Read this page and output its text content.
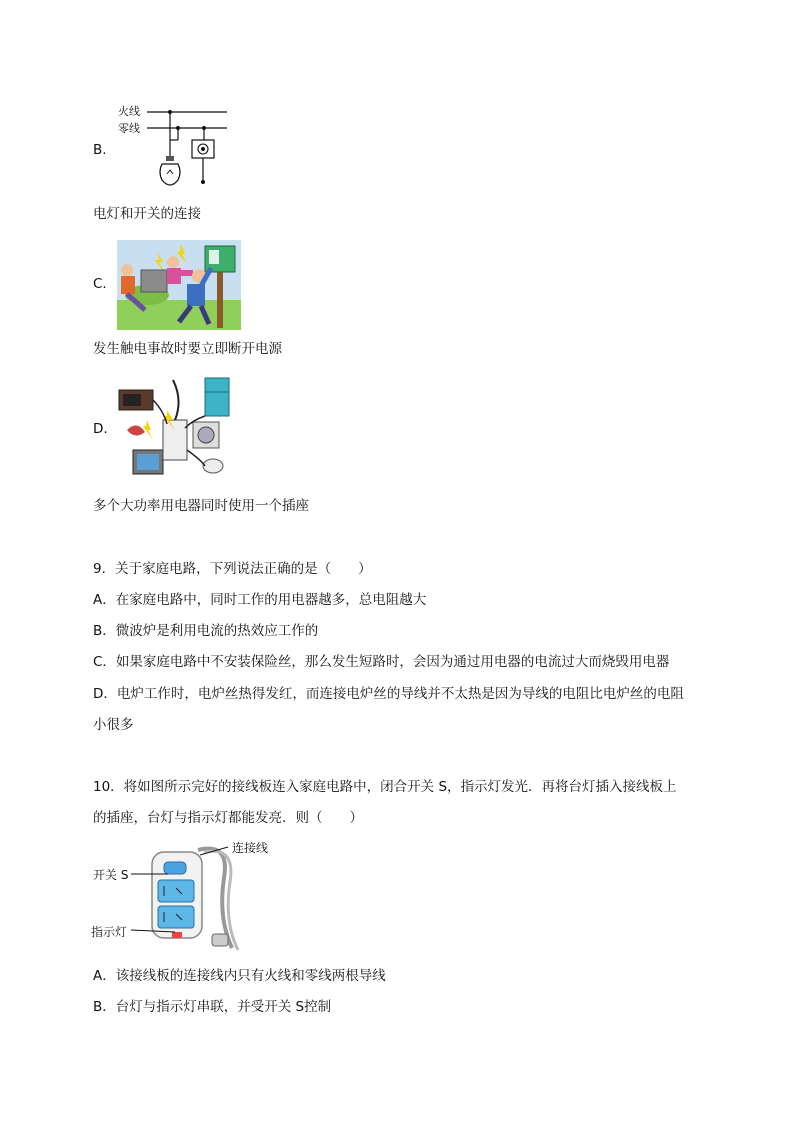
B.
火线
零线
电灯和开关的连接
C.
发生触电事故时要立即断开电源
D.
多个大功率用电器同时使用一个插座
9．关于家庭电路，下列说法正确的是（　　）
A．在家庭电路中，同时工作的用电器越多，总电阻越大
B．微波炉是利用电流的热效应工作的
C．如果家庭电路中不安装保险丝，那么发生短路时，会因为通过用电器的电流过大而烧毁用电器
D．电炉工作时，电炉丝热得发红，而连接电炉丝的导线并不太热是因为导线的电阻比电炉丝的电阻
小很多
10．将如图所示完好的接线板连入家庭电路中，闭合开关 S，指示灯发光．再将台灯插入接线板上
的插座，台灯与指示灯都能发亮．则（　　）
连接线
开关 S
指示灯
A．该接线板的连接线内只有火线和零线两根导线
B．台灯与指示灯串联，并受开关 S控制
